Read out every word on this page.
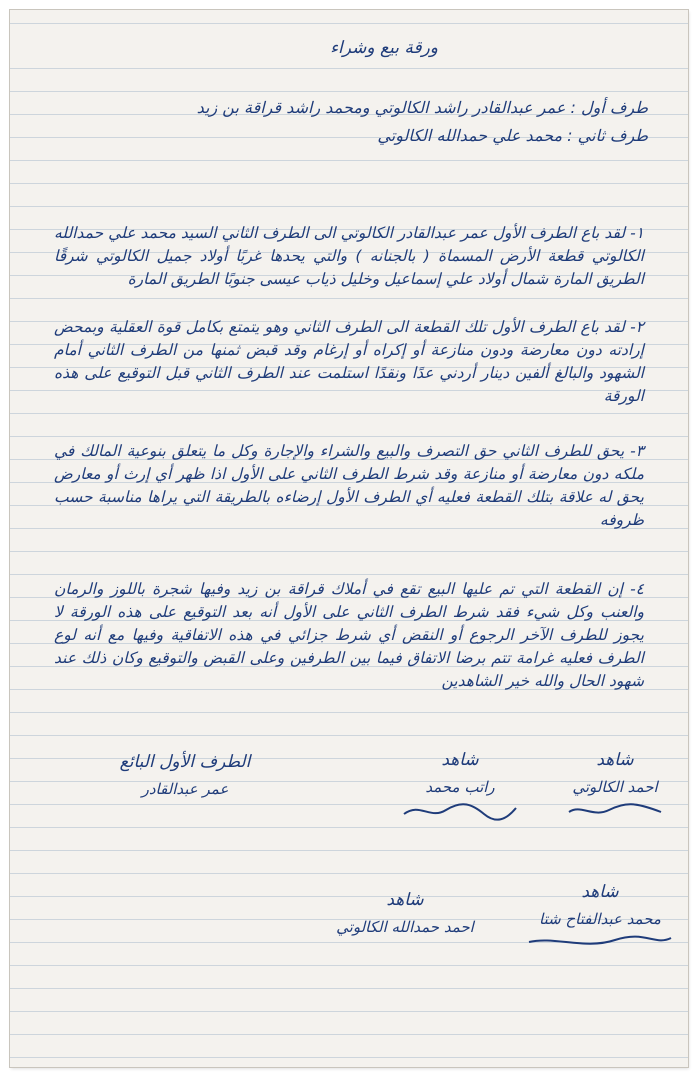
ورقة بيع وشراء

طرف أول : عمر عبدالقادر راشد الكالوتي ومحمد راشد قراقة بن زيد

طرف ثاني : محمد علي حمدالله الكالوتي

١- لقد باع الطرف الأول عمر عبدالقادر الكالوتي الى الطرف الثاني السيد محمد علي حمدالله الكالوتي قطعة الأرض المسماة ( بالجنانه ) والتي يحدها غربًا أولاد جميل الكالوتي شرقًا الطريق المارة شمال أولاد علي إسماعيل وخليل ذياب عيسى جنوبًا الطريق المارة

٢- لقد باع الطرف الأول تلك القطعة الى الطرف الثاني وهو يتمتع بكامل قوة العقلية وبمحض إرادته دون معارضة ودون منازعة أو إكراه أو إرغام وقد قبض ثمنها من الطرف الثاني أمام الشهود والبالغ ألفين دينار أردني عدًا ونقدًا استلمت عند الطرف الثاني قبل التوقيع على هذه الورقة

٣- يحق للطرف الثاني حق التصرف والبيع والشراء والإجارة وكل ما يتعلق بنوعية المالك في ملكه دون معارضة أو منازعة وقد شرط الطرف الثاني على الأول اذا ظهر أي إرث أو معارض يحق له علاقة بتلك القطعة فعليه أي الطرف الأول إرضاءه بالطريقة التي يراها مناسبة حسب ظروفه

٤- إن القطعة التي تم عليها البيع تقع في أملاك قراقة بن زيد وفيها شجرة باللوز والرمان والعنب وكل شيء فقد شرط الطرف الثاني على الأول أنه بعد التوقيع على هذه الورقة لا يجوز للطرف الآخر الرجوع أو النقض أي شرط جزائي في هذه الاتفاقية وفيها مع أنه لوع الطرف فعليه غرامة تتم برضا الاتفاق فيما بين الطرفين وعلى القبض والتوقيع وكان ذلك عند شهود الحال والله خير الشاهدين

الطرف الأول البائع
عمر عبدالقادر
شاهد
راتب محمد
شاهد
احمد الكالوتي
شاهد
احمد حمدالله الكالوتي
شاهد
محمد عبدالفتاح شتا
